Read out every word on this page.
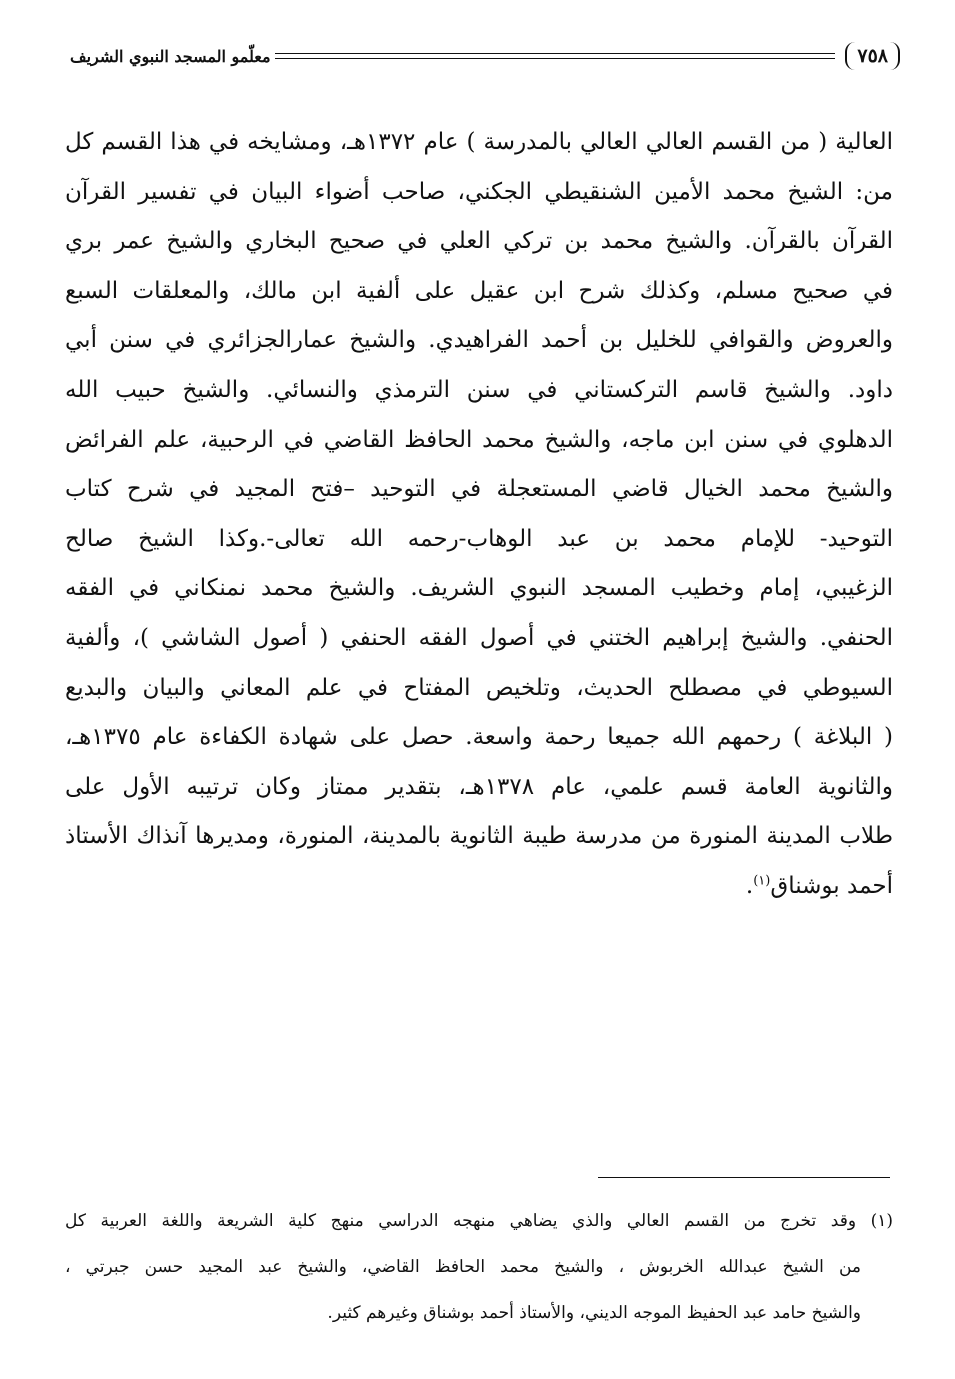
٧٥٨
معلّمو المسجد النبوي الشريف
العالية ( من القسم العالي العالي بالمدرسة ) عام ١٣٧٢هـ، ومشايخه في هذا القسم كل
من: الشيخ محمد الأمين الشنقيطي الجكني، صاحب أضواء البيان في تفسير القرآن
القرآن بالقرآن. والشيخ محمد بن تركي العلي في صحيح البخاري والشيخ عمر بري
في صحيح مسلم، وكذلك شرح ابن عقيل على ألفية ابن مالك، والمعلقات السبع
والعروض والقوافي للخليل بن أحمد الفراهيدي. والشيخ عمارالجزائري في سنن أبي
داود. والشيخ قاسم التركستاني في سنن الترمذي والنسائي. والشيخ حبيب الله
الدهلوي في سنن ابن ماجه، والشيخ محمد الحافظ القاضي في الرحبية، علم الفرائض
والشيخ محمد الخيال قاضي المستعجلة في التوحيد –فتح المجيد في شرح كتاب
التوحيد- للإمام محمد بن عبد الوهاب-رحمه الله تعالى-.وكذا الشيخ صالح
الزغيبي، إمام وخطيب المسجد النبوي الشريف. والشيخ محمد نمنكاني في الفقه
الحنفي. والشيخ إبراهيم الختني في أصول الفقه الحنفي ( أصول الشاشي )، وألفية
السيوطي في مصطلح الحديث، وتلخيص المفتاح في علم المعاني والبيان والبديع
( البلاغة ) رحمهم الله جميعا رحمة واسعة. حصل على شهادة الكفاءة عام ١٣٧٥هـ،
والثانوية العامة قسم علمي، عام ١٣٧٨هـ، بتقدير ممتاز وكان ترتيبه الأول على
طلاب المدينة المنورة من مدرسة طيبة الثانوية بالمدينة، المنورة، ومديرها آنذاك الأستاذ
أحمد بوشناق$^{(١)}$.
(١) وقد تخرج من القسم العالي والذي يضاهي منهجه الدراسي منهج كلية الشريعة واللغة العربية كل
من الشيخ عبدالله الخربوش ، والشيخ محمد الحافظ القاضي، والشيخ عبد المجيد حسن جبرتي ،
والشيخ حامد عبد الحفيظ الموجه الديني، والأستاذ أحمد بوشناق وغيرهم كثير.
